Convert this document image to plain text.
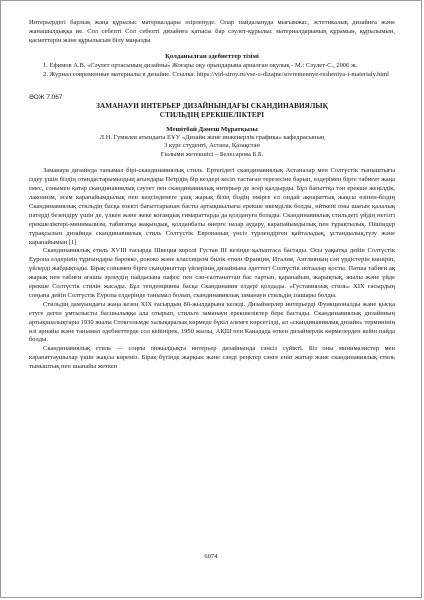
Интерьердегі барлық жаңа құрылыс материалдары әзірленуде. Олар пайдалануда мығымжас, эстетикалық дизайнға және жанашылдыққа ие. Сол себепті Сол себепті дизайнға қатысы бар сәулет-құрылыс материалдарының құрамын, құрылымын, қасиеттерін және құрылысын білу маңызды

Қолданылған әдебиеттер тізімі

1. Ефимов А.В. «Сәулет ортасының дизайны» Жоғары оқу орындарына арналған оқулық - М.: Сәулет-С., 2006 ж.

2. Журнал современные материалы в дизайне. Ссылка: https://vid-stroy.ru/vse-o-dizajne/sovremennye-resheniya-i-materialy.html

ӘОЖ 7.067

ЗАМАНАУИ ИНТЕРЬЕР ДИЗАЙНЫНДАҒЫ СКАНДИНАВИЯЛЫҚ

СТИЛЬДІҢ ЕРЕКШЕЛІКТЕРІ

Мешітбай Дәмеш Мұратқызы

Л.Н. Гумилев атындағы ЕҰУ «Дизайн және инженерлік графика» кафедрасының

3 курс студенті, Астана, Қазақстан

Ғылыми жетекшісі – Белесарова Б.Б.

Заманауи дизайнда танымал бірі-скандинавиялық стиль. Ертегідегі скандинавиялық Астаналар мен Солтүстік тыныштығы іздеу үшін біздің отандастарымыздың ағындары Петрдің бір кездері кесіп тастаған терезесіне барып, өздерімен бірге табиғат жаңа емес, сонымен қатар скандинавиялық сәулет пен скандинавиялық интерьер де әсер қалдырды. Бұл бағыттқа тән ерекше жеңілдік, лаконизм, әсем карапайымдылық пен кеңсінденеге ұшқ жарық бізің біздің өмірге ел ондай ақпараттық жақсы өзінен-біздің Скандинавиялық стильдің басқа өзекті бағыттарынан басты артықшылығы ерекше икемділік болды, өйткені оны шағын қалалық пәтерді безендіру үшін де, үлкен және жеке коғамдық ғимараттарда да қолдануға болады. Скандинавиялық стильдегі үйдің негізгі ерекшеліктері-минимализм, табиғатқа жақындық, қолданбалы өнерге назар аудару, карапайымдылық пен тұрақтылық. Пішіндер түрақсызын дизайнда скандинавиялық стиль Солтүстік Европаның үнсіз түрлендірген қайталадық, ұстандылық,түзу және карапайымын [1]

Скандинавиялық стиль XVIII ғасырда Швеция королі Густав III кезінде қалыптаса бастады. Осы уақытқа дейін Солтүстік Еуропа елдерінің тұрғындары барокко, рококо және классицизм билік еткен Франция, Италия, Англияның сән үрдістерін көшіріп, үйлерді жабдықтады. Бірақ сонымен бірге скандинаттар үйлерінің дизайнына әдеттегі Солтүстік нотаалар қосты. Патша табиғи ақ жарық пен табиғи ағашы әрлеудің пайдасына пафос пен сән-салтанаттан бас тартып, қарапайым, жарықтық, жылы және үйде ерекше Солтүстік стилін жасады. Бұл тенденцияны басқа Скандинавия елдері қолдады. «Густавиялық стиль» XIX ғасырдың соңына дейін Солтүстік Еуропа елдерінде танымал болып, скандинавиялық заманауи стильдің ізашары болды.

Стильдің дамуындағы жаңа кезең XIX ғасырдың 80-жылдарына келеді. Дизайнерлер интерьерді Функционалды және қысқа етуге деген ұмтылысты басшылыққа ала отырып, стильге заманауи ерекшеліктер бере бастады. Скандинавиялық дизайнның артықшылықтары 1930 жылы Стокгольмде халықаралық көрмеде бүкіл әлемге көрсетілді, ал «скандинавиялық дизайн» терминінің өзі арнайы және танымал әдебиеттерде сол кейінірек, 1950 жылы, АҚШ пен Канадада өткен дизайнерлік көрмелерден кейін пайда болды.

Скандинавиялық стиль — соңғы онжылдықта интерьер дизайнында сәнсіз сүйікті. Біз оны минималистер мен кәрапаттаушылар үшін жақсы көреміз. Бірақ бүгінде жарқын және сәнді реңктер сәнге еніп жатыр және скандинавиялық стиль тыныштық пен шынайы жеткен

6074
